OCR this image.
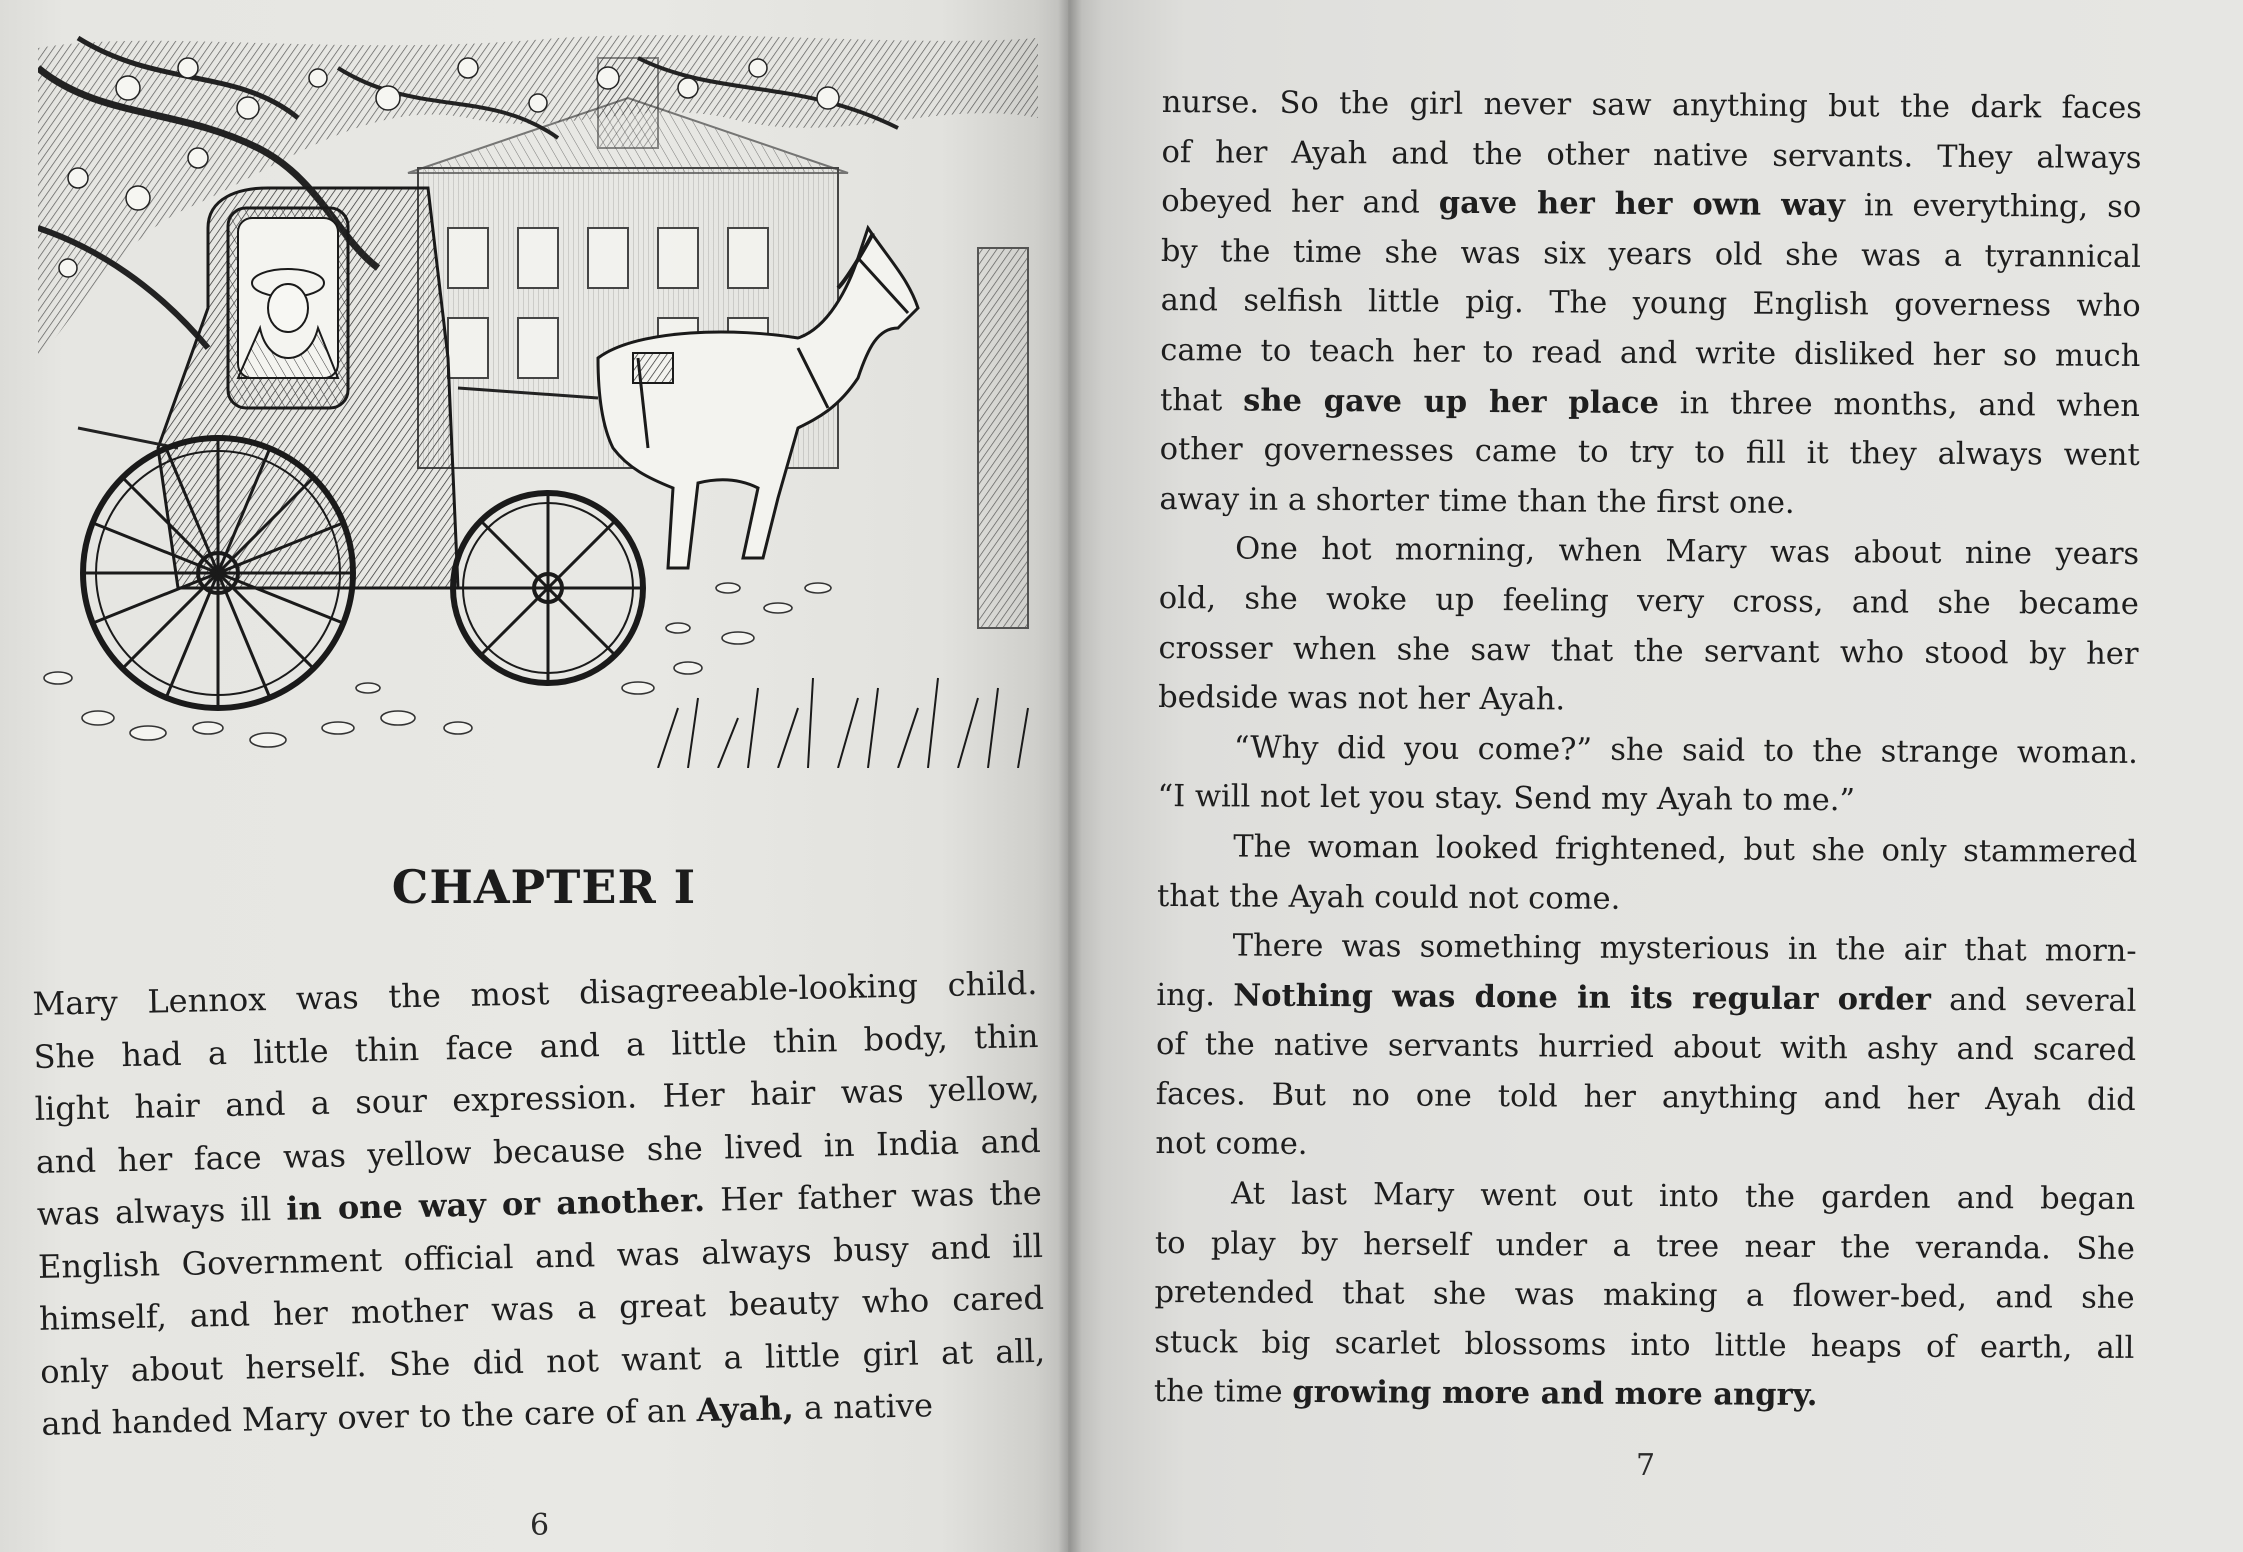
CHAPTER I
Mary Lennox was the most disagreeable-looking child.
She had a little thin face and a little thin body, thin
light hair and a sour expression. Her hair was yellow,
and her face was yellow because she lived in India and
was always ill in one way or another. Her father was the
English Government official and was always busy and ill
himself, and her mother was a great beauty who cared
only about herself. She did not want a little girl at all,
and handed Mary over to the care of an Ayah, a native
6
7
nurse. So the girl never saw anything but the dark faces
of her Ayah and the other native servants. They always
obeyed her and gave her her own way in everything, so
by the time she was six years old she was a tyrannical
and selfish little pig. The young English governess who
came to teach her to read and write disliked her so much
that she gave up her place in three months, and when
other governesses came to try to fill it they always went
away in a shorter time than the first one.
One hot morning, when Mary was about nine years
old, she woke up feeling very cross, and she became
crosser when she saw that the servant who stood by her
bedside was not her Ayah.
“Why did you come?” she said to the strange woman.
“I will not let you stay. Send my Ayah to me.”
The woman looked frightened, but she only stammered
that the Ayah could not come.
There was something mysterious in the air that morn-
ing. Nothing was done in its regular order and several
of the native servants hurried about with ashy and scared
faces. But no one told her anything and her Ayah did
not come.
At last Mary went out into the garden and began
to play by herself under a tree near the veranda. She
pretended that she was making a flower-bed, and she
stuck big scarlet blossoms into little heaps of earth, all
the time growing more and more angry.
